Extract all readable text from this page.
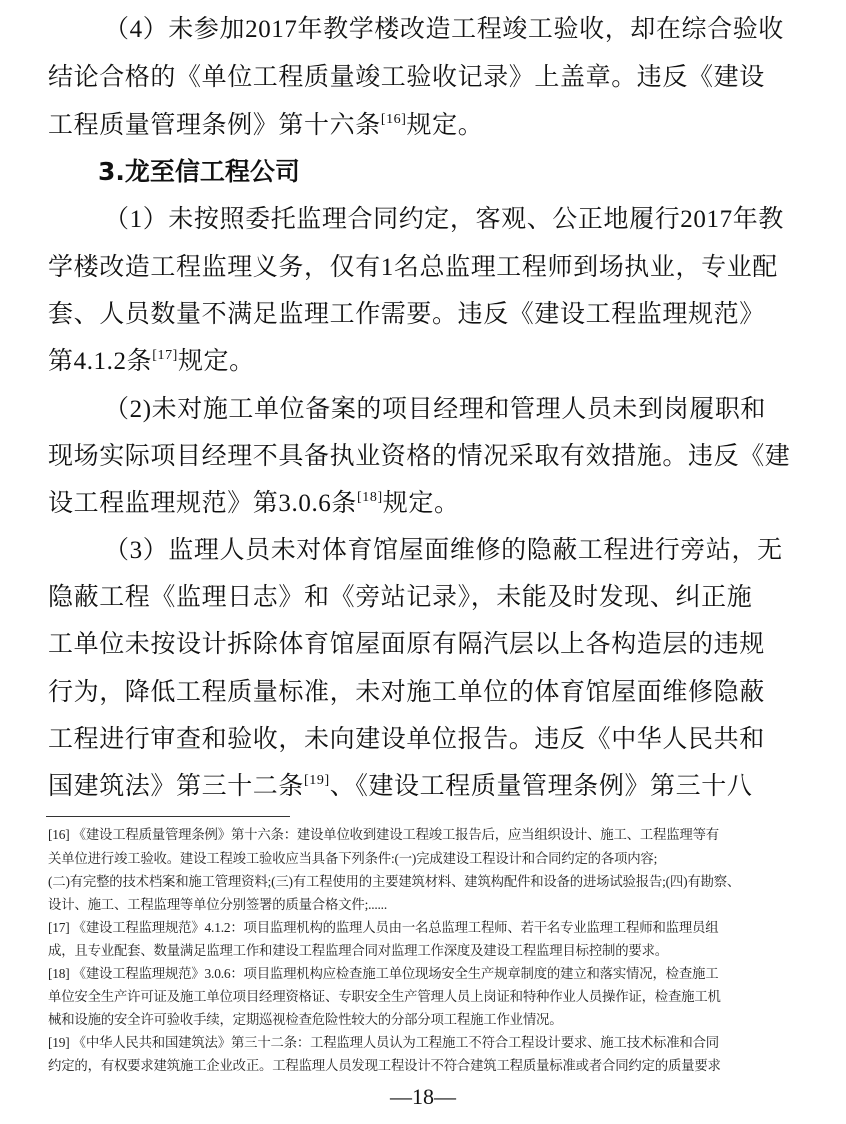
（4）未参加2017年教学楼改造工程竣工验收，却在综合验收
结论合格的《单位工程质量竣工验收记录》上盖章。违反《建设
工程质量管理条例》第十六条[16]规定。
3.龙至信工程公司
（1）未按照委托监理合同约定，客观、公正地履行2017年教
学楼改造工程监理义务，仅有1名总监理工程师到场执业，专业配
套、人员数量不满足监理工作需要。违反《建设工程监理规范》
第4.1.2条[17]规定。
（2)未对施工单位备案的项目经理和管理人员未到岗履职和
现场实际项目经理不具备执业资格的情况采取有效措施。违反《建
设工程监理规范》第3.0.6条[18]规定。
（3）监理人员未对体育馆屋面维修的隐蔽工程进行旁站，无
隐蔽工程《监理日志》和《旁站记录》，未能及时发现、纠正施
工单位未按设计拆除体育馆屋面原有隔汽层以上各构造层的违规
行为，降低工程质量标准，未对施工单位的体育馆屋面维修隐蔽
工程进行审查和验收，未向建设单位报告。违反《中华人民共和
国建筑法》第三十二条[19]、《建设工程质量管理条例》第三十八
[16] 《建设工程质量管理条例》第十六条：建设单位收到建设工程竣工报告后，应当组织设计、施工、工程监理等有
关单位进行竣工验收。建设工程竣工验收应当具备下列条件:(一)完成建设工程设计和合同约定的各项内容;
(二)有完整的技术档案和施工管理资料;(三)有工程使用的主要建筑材料、建筑构配件和设备的进场试验报告;(四)有勘察、
设计、施工、工程监理等单位分别签署的质量合格文件;......
[17] 《建设工程监理规范》4.1.2：项目监理机构的监理人员由一名总监理工程师、若干名专业监理工程师和监理员组
成，且专业配套、数量满足监理工作和建设工程监理合同对监理工作深度及建设工程监理目标控制的要求。
[18] 《建设工程监理规范》3.0.6：项目监理机构应检查施工单位现场安全生产规章制度的建立和落实情况，检查施工
单位安全生产许可证及施工单位项目经理资格证、专职安全生产管理人员上岗证和特种作业人员操作证，检查施工机
械和设施的安全许可验收手续，定期巡视检查危险性较大的分部分项工程施工作业情况。
[19] 《中华人民共和国建筑法》第三十二条：工程监理人员认为工程施工不符合工程设计要求、施工技术标准和合同
约定的，有权要求建筑施工企业改正。工程监理人员发现工程设计不符合建筑工程质量标准或者合同约定的质量要求
—18—
